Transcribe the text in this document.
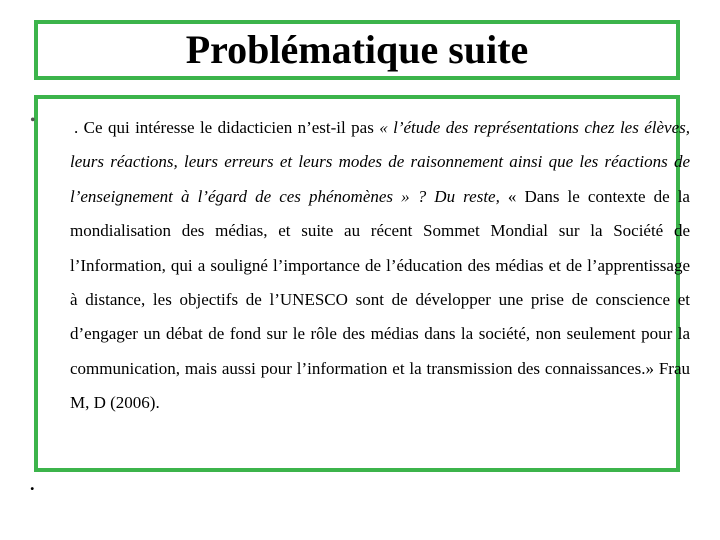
Problématique suite
• . Ce qui intéresse le didacticien n’est-il pas « l’étude des représentations chez les élèves, leurs réactions, leurs erreurs et leurs modes de raisonnement ainsi que les réactions de l’enseignement à l’égard de ces phénomènes » ? Du reste, « Dans le contexte de la mondialisation des médias, et suite au récent Sommet Mondial sur la Société de l’Information, qui a souligné l’importance de l’éducation des médias et de l’apprentissage à distance, les objectifs de l’UNESCO sont de développer une prise de conscience et d’engager un débat de fond sur le rôle des médias dans la société, non seulement pour la communication, mais aussi pour l’information et la transmission des connaissances.» Frau M, D (2006).

.
